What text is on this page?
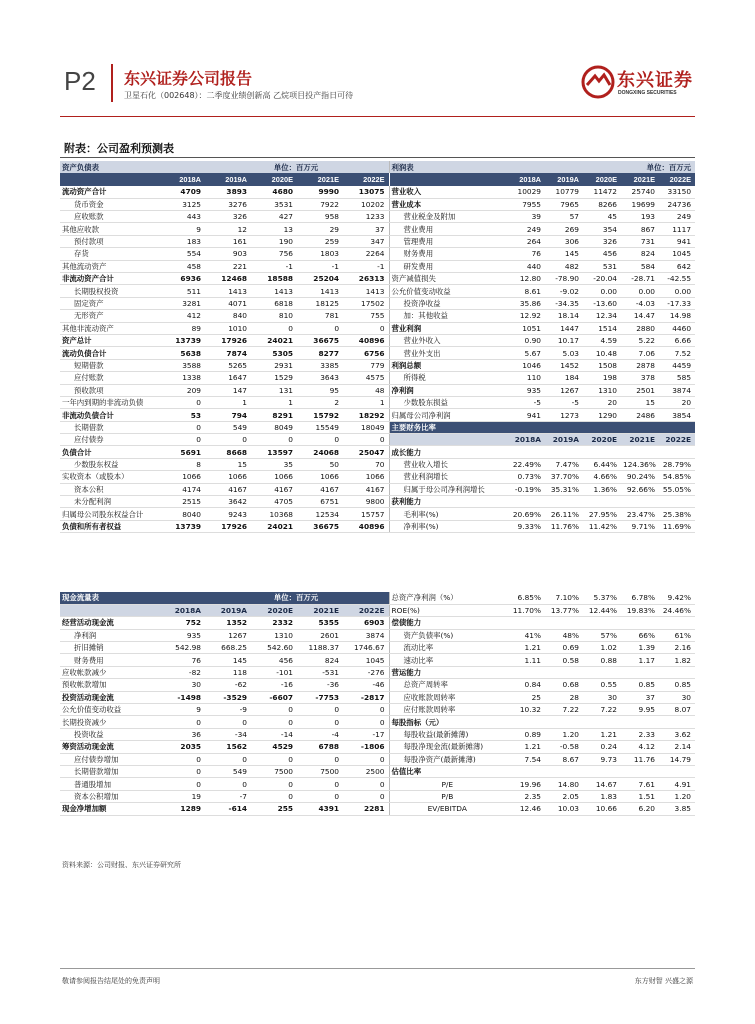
P2 东兴证券公司报告
卫星石化（002648）：二季度业绩创新高 乙烷项目投产指日可待
东兴证券
DONGXING SECURITIES
附表：公司盈利预测表
资产负债表			单位：百万元			利润表				单位：百万元	
	2018A	2019A	2020E	2021E	2022E		2018A	2019A	2020E	2021E	2022E
流动资产合计	4709	3893	4680	9990	13075	营业收入	10029	10779	11472	25740	33150
货币资金	3125	3276	3531	7922	10202	营业成本	7955	7965	8266	19699	24736
应收账款	443	326	427	958	1233	营业税金及附加	39	57	45	193	249
其他应收款	9	12	13	29	37	营业费用	249	269	354	867	1117
预付款项	183	161	190	259	347	管理费用	264	306	326	731	941
存货	554	903	756	1803	2264	财务费用	76	145	456	824	1045
其他流动资产	458	221	-1	-1	-1	研发费用	440	482	531	584	642
非流动资产合计	6936	12468	18588	25204	26313	资产减值损失	12.80	-78.90	-20.04	-28.71	-42.55
长期股权投资	511	1413	1413	1413	1413	公允价值变动收益	8.61	-9.02	0.00	0.00	0.00
固定资产	3281	4071	6818	18125	17502	投资净收益	35.86	-34.35	-13.60	-4.03	-17.33
无形资产	412	840	810	781	755	加：其他收益	12.92	18.14	12.34	14.47	14.98
其他非流动资产	89	1010	0	0	0	营业利润	1051	1447	1514	2880	4460
资产总计	13739	17926	24021	36675	40896	营业外收入	0.90	10.17	4.59	5.22	6.66
流动负债合计	5638	7874	5305	8277	6756	营业外支出	5.67	5.03	10.48	7.06	7.52
短期借款	3588	5265	2931	3385	779	利润总额	1046	1452	1508	2878	4459
应付账款	1338	1647	1529	3643	4575	所得税	110	184	198	378	585
预收款项	209	147	131	95	48	净利润	935	1267	1310	2501	3874
一年内到期的非流动负债	0	1	1	2	1	少数股东损益	-5	-5	20	15	20
非流动负债合计	53	794	8291	15792	18292	归属母公司净利润	941	1273	1290	2486	3854
长期借款	0	549	8049	15549	18049	主要财务比率					
应付债券	0	0	0	0	0		2018A	2019A	2020E	2021E	2022E
负债合计	5691	8668	13597	24068	25047	成长能力					
少数股东权益	8	15	35	50	70	营业收入增长	22.49%	7.47%	6.44%	124.36%	28.79%
实收资本（或股本）	1066	1066	1066	1066	1066	营业利润增长	0.73%	37.70%	4.66%	90.24%	54.85%
资本公积	4174	4167	4167	4167	4167	归属于母公司净利润增长	-0.19%	35.31%	1.36%	92.66%	55.05%
未分配利润	2515	3642	4705	6751	9800	获利能力					
归属母公司股东权益合计	8040	9243	10368	12534	15757	毛利率(%)	20.69%	26.11%	27.95%	23.47%	25.38%
负债和所有者权益	13739	17926	24021	36675	40896	净利率(%)	9.33%	11.76%	11.42%	9.71%	11.69%
现金流量表			单位：百万元			总资产净利润（%）	6.85%	7.10%	5.37%	6.78%	9.42%
	2018A	2019A	2020E	2021E	2022E	ROE(%)	11.70%	13.77%	12.44%	19.83%	24.46%
经营活动现金流	752	1352	2332	5355	6903	偿债能力					
净利润	935	1267	1310	2601	3874	资产负债率(%)	41%	48%	57%	66%	61%
折旧摊销	542.98	668.25	542.60	1188.37	1746.67	流动比率	1.21	0.69	1.02	1.39	2.16
财务费用	76	145	456	824	1045	速动比率	1.11	0.58	0.88	1.17	1.82
应收帐款减少	-82	118	-101	-531	-276	营运能力					
预收帐款增加	30	-62	-16	-36	-46	总资产周转率	0.84	0.68	0.55	0.85	0.85
投资活动现金流	-1498	-3529	-6607	-7753	-2817	应收账款周转率	25	28	30	37	30
公允价值变动收益	9	-9	0	0	0	应付账款周转率	10.32	7.22	7.22	9.95	8.07
长期投资减少	0	0	0	0	0	每股指标（元）					
投资收益	36	-34	-14	-4	-17	每股收益(最新摊薄)	0.89	1.20	1.21	2.33	3.62
筹资活动现金流	2035	1562	4529	6788	-1806	每股净现金流(最新摊薄)	1.21	-0.58	0.24	4.12	2.14
应付债券增加	0	0	0	0	0	每股净资产(最新摊薄)	7.54	8.67	9.73	11.76	14.79
长期借款增加	0	549	7500	7500	2500	估值比率					
普通股增加	0	0	0	0	0	P/E	19.96	14.80	14.67	7.61	4.91
资本公积增加	19	-7	0	0	0	P/B	2.35	2.05	1.83	1.51	1.20
现金净增加额	1289	-614	255	4391	2281	EV/EBITDA	12.46	10.03	10.66	6.20	3.85
资料来源：公司财报、东兴证券研究所
敬请参阅报告结尾处的免责声明	东方财智 兴盛之源
